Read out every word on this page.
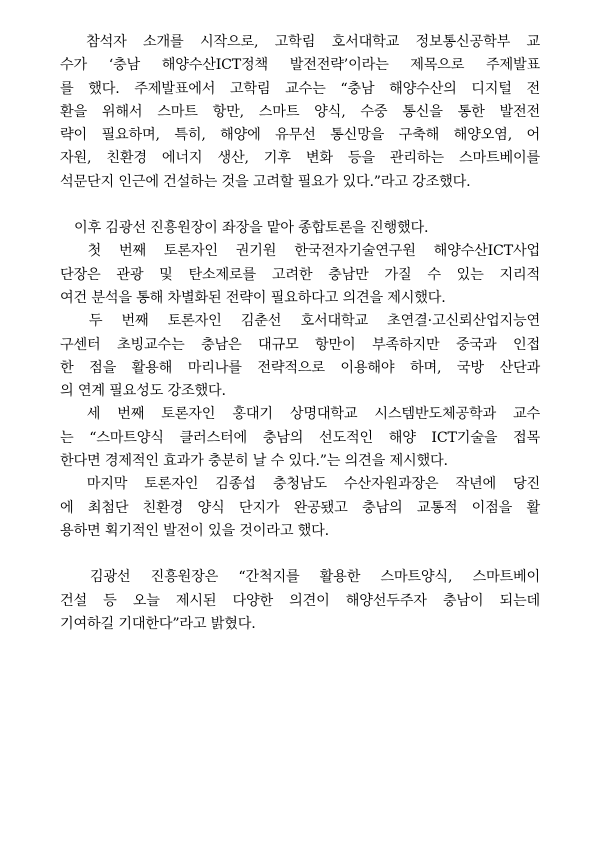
　참석자 소개를 시작으로, 고학림 호서대학교 정보통신공학부 교
수가 ‘충남 해양수산ICT정책 발전전략’이라는 제목으로 주제발표
를 했다. 주제발표에서 고학림 교수는 “충남 해양수산의 디지털 전
환을 위해서 스마트 항만, 스마트 양식, 수중 통신을 통한 발전전
략이 필요하며, 특히, 해양에 유무선 통신망을 구축해 해양오염, 어
자원, 친환경 에너지 생산, 기후 변화 등을 관리하는 스마트베이를
석문단지 인근에 건설하는 것을 고려할 필요가 있다.”라고 강조했다.
　이후 김광선 진흥원장이 좌장을 맡아 종합토론을 진행했다.
　첫 번째 토론자인 권기원 한국전자기술연구원 해양수산ICT사업
단장은 관광 및 탄소제로를 고려한 충남만 가질 수 있는 지리적
여건 분석을 통해 차별화된 전략이 필요하다고 의견을 제시했다.
　두 번째 토론자인 김춘선 호서대학교 초연결·고신뢰산업지능연
구센터 초빙교수는 충남은 대규모 항만이 부족하지만 중국과 인접
한 점을 활용해 마리나를 전략적으로 이용해야 하며, 국방 산단과
의 연계 필요성도 강조했다.
　세 번째 토론자인 홍대기 상명대학교 시스템반도체공학과 교수
는 “스마트양식 클러스터에 충남의 선도적인 해양 ICT기술을 접목
한다면 경제적인 효과가 충분히 날 수 있다.”는 의견을 제시했다.
　마지막 토론자인 김종섭 충청남도 수산자원과장은 작년에 당진
에 최첨단 친환경 양식 단지가 완공됐고 충남의 교통적 이점을 활
용하면 획기적인 발전이 있을 것이라고 했다.
　김광선 진흥원장은 “간척지를 활용한 스마트양식, 스마트베이
건설 등 오늘 제시된 다양한 의견이 해양선두주자 충남이 되는데
기여하길 기대한다”라고 밝혔다.
